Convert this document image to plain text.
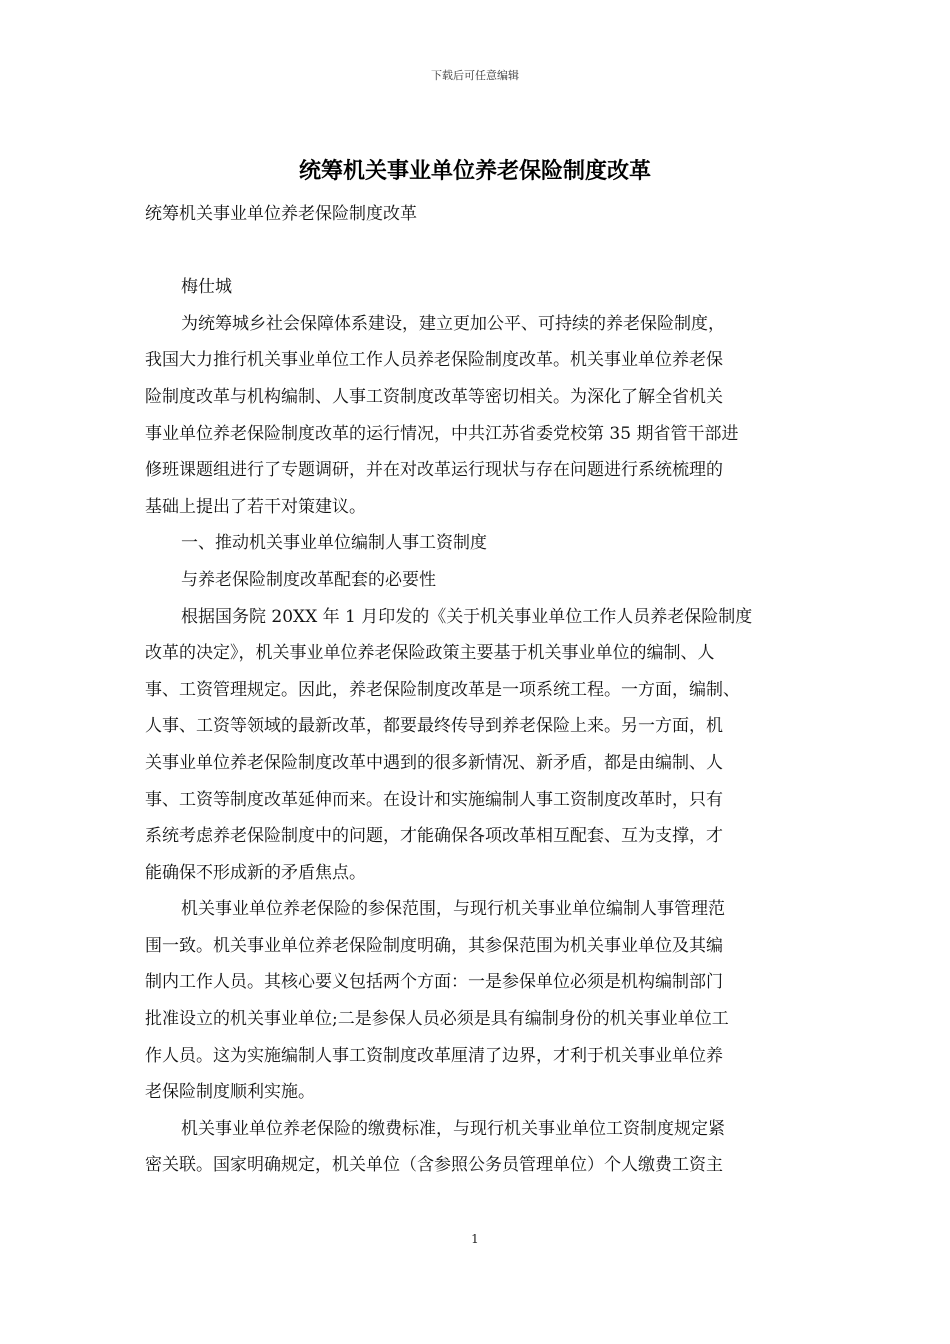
下载后可任意编辑
统筹机关事业单位养老保险制度改革
统筹机关事业单位养老保险制度改革
梅仕城
为统筹城乡社会保障体系建设，建立更加公平、可持续的养老保险制度，
我国大力推行机关事业单位工作人员养老保险制度改革。机关事业单位养老保
险制度改革与机构编制、人事工资制度改革等密切相关。为深化了解全省机关
事业单位养老保险制度改革的运行情况，中共江苏省委党校第 35 期省管干部进
修班课题组进行了专题调研，并在对改革运行现状与存在问题进行系统梳理的
基础上提出了若干对策建议。
一、推动机关事业单位编制人事工资制度
与养老保险制度改革配套的必要性
根据国务院 20XX 年 1 月印发的《关于机关事业单位工作人员养老保险制度
改革的决定》，机关事业单位养老保险政策主要基于机关事业单位的编制、人
事、工资管理规定。因此，养老保险制度改革是一项系统工程。一方面，编制、
人事、工资等领域的最新改革，都要最终传导到养老保险上来。另一方面，机
关事业单位养老保险制度改革中遇到的很多新情况、新矛盾，都是由编制、人
事、工资等制度改革延伸而来。在设计和实施编制人事工资制度改革时，只有
系统考虑养老保险制度中的问题，才能确保各项改革相互配套、互为支撑，才
能确保不形成新的矛盾焦点。
机关事业单位养老保险的参保范围，与现行机关事业单位编制人事管理范
围一致。机关事业单位养老保险制度明确，其参保范围为机关事业单位及其编
制内工作人员。其核心要义包括两个方面：一是参保单位必须是机构编制部门
批准设立的机关事业单位;二是参保人员必须是具有编制身份的机关事业单位工
作人员。这为实施编制人事工资制度改革厘清了边界，才利于机关事业单位养
老保险制度顺利实施。
机关事业单位养老保险的缴费标准，与现行机关事业单位工资制度规定紧
密关联。国家明确规定，机关单位（含参照公务员管理单位）个人缴费工资主
1
